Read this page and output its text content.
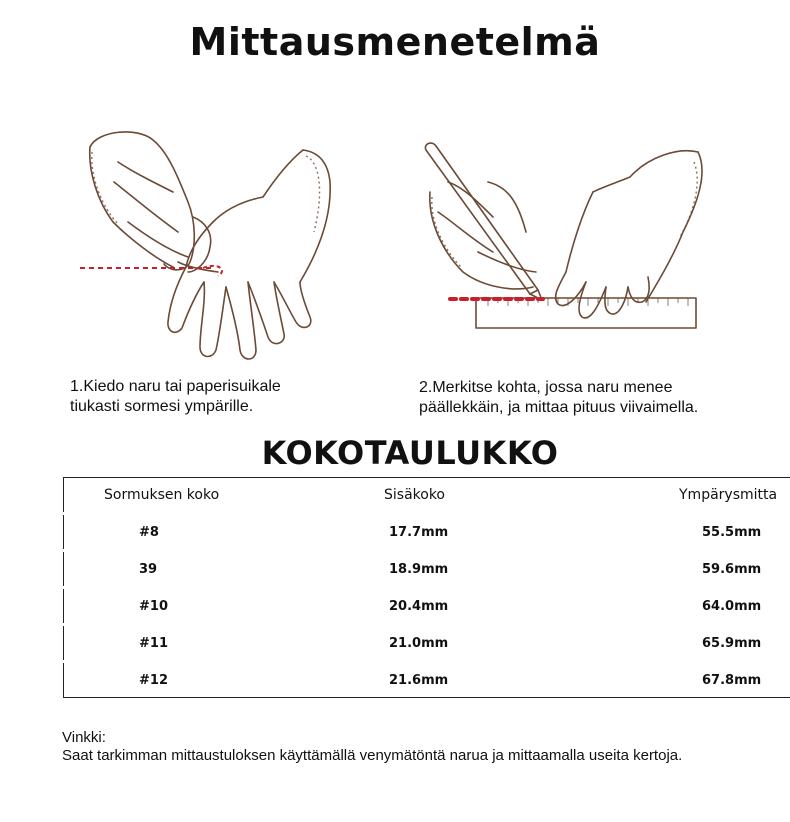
Mittausmenetelmä
1.Kiedo naru tai paperisuikale
tiukasti sormesi ympärille.
2.Merkitse kohta, jossa naru menee
päällekkäin, ja mittaa pituus viivaimella.
KOKOTAULUKKO
Sormuksen koko	Sisäkoko	Ympärysmitta
#8	17.7mm	55.5mm
39	18.9mm	59.6mm
#10	20.4mm	64.0mm
#11	21.0mm	65.9mm
#12	21.6mm	67.8mm
Vinkki:
Saat tarkimman mittaustuloksen käyttämällä venymätöntä narua ja mittaamalla useita kertoja.
